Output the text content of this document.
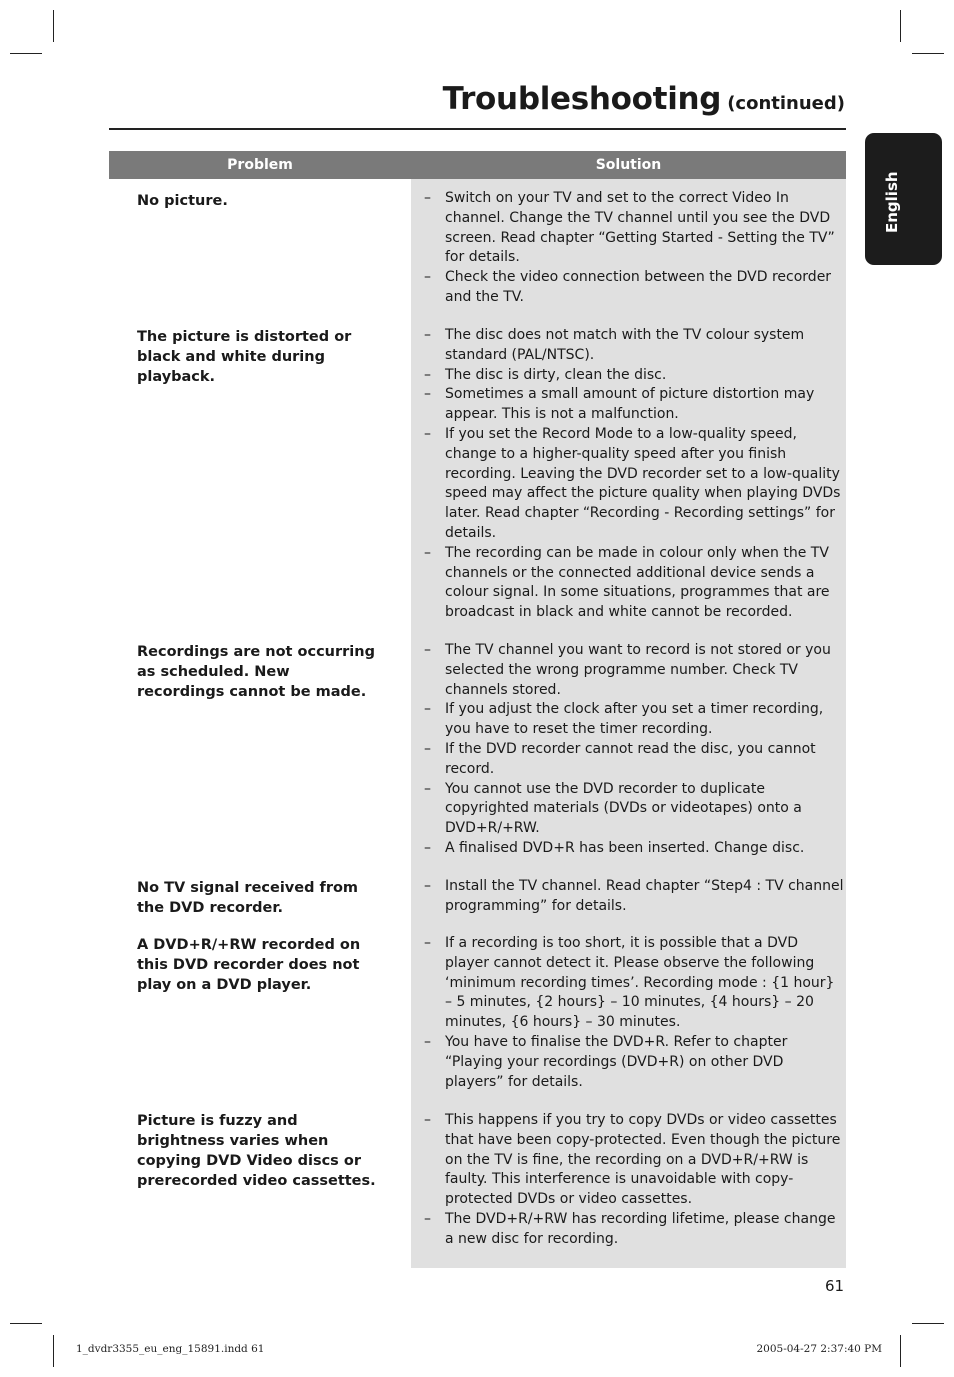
Troubleshooting (continued)
English
Problem	Solution
No picture.
–	Switch on your TV and set to the correct Video In channel. Change the TV channel until you see the DVD screen. Read chapter “Getting Started - Setting the TV” for details.
– Check the video connection between the DVD recorder and the TV.
The picture is distorted or black and white during playback.
– The disc does not match with the TV colour system standard (PAL/NTSC).
– The disc is dirty, clean the disc.
– Sometimes a small amount of picture distortion may appear. This is not a malfunction.
– If you set the Record Mode to a low-quality speed, change to a higher-quality speed after you finish recording. Leaving the DVD recorder set to a low-quality speed may affect the picture quality when playing DVDs later. Read chapter “Recording - Recording settings” for details.
– The recording can be made in colour only when the TV channels or the connected additional device sends a colour signal. In some situations, programmes that are broadcast in black and white cannot be recorded.
Recordings are not occurring as scheduled. New recordings cannot be made.
– The TV channel you want to record is not stored or you selected the wrong programme number. Check TV channels stored.
– If you adjust the clock after you set a timer recording, you have to reset the timer recording.
– If the DVD recorder cannot read the disc, you cannot record.
– You cannot use the DVD recorder to duplicate copyrighted materials (DVDs or videotapes) onto a DVD+R/+RW.
– A finalised DVD+R has been inserted. Change disc.
No TV signal received from the DVD recorder.
– Install the TV channel. Read chapter “Step4 : TV channel programming” for details.
A DVD+R/+RW recorded on this DVD recorder does not play on a DVD player.
– If a recording is too short, it is possible that a DVD player cannot detect it. Please observe the following ‘minimum recording times’. Recording mode : {1 hour} – 5 minutes, {2 hours} – 10 minutes, {4 hours} – 20 minutes, {6 hours} – 30 minutes.
– You have to finalise the DVD+R. Refer to chapter “Playing your recordings (DVD+R) on other DVD players” for details.
Picture is fuzzy and brightness varies when copying DVD Video discs or prerecorded video cassettes.
– This happens if you try to copy DVDs or video cassettes that have been copy-protected. Even though the picture on the TV is fine, the recording on a DVD+R/+RW is faulty. This interference is unavoidable with copy-protected DVDs or video cassettes.
– The DVD+R/+RW has recording lifetime, please change a new disc for recording.
61
1_dvdr3355_eu_eng_15891.indd 61	2005-04-27 2:37:40 PM
